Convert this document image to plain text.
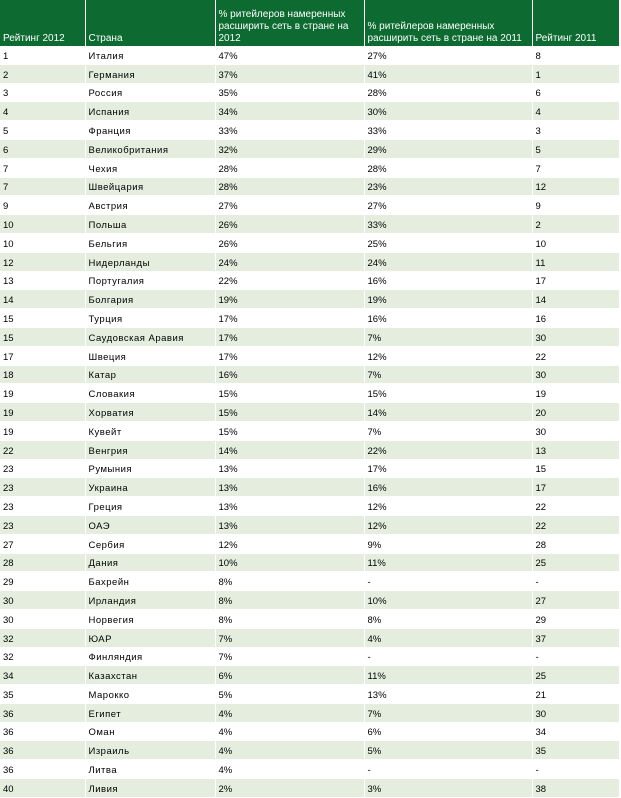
Рейтинг 2012	Страна	% ритейлеров намеренных расширить сеть в стране на 2012	% ритейлеров намеренных расширить сеть в стране на 2011	Рейтинг 2011
1	Италия	47%	27%	8
2	Германия	37%	41%	1
3	Россия	35%	28%	6
4	Испания	34%	30%	4
5	Франция	33%	33%	3
6	Великобритания	32%	29%	5
7	Чехия	28%	28%	7
7	Швейцария	28%	23%	12
9	Австрия	27%	27%	9
10	Польша	26%	33%	2
10	Бельгия	26%	25%	10
12	Нидерланды	24%	24%	11
13	Португалия	22%	16%	17
14	Болгария	19%	19%	14
15	Турция	17%	16%	16
15	Саудовская Аравия	17%	7%	30
17	Швеция	17%	12%	22
18	Катар	16%	7%	30
19	Словакия	15%	15%	19
19	Хорватия	15%	14%	20
19	Кувейт	15%	7%	30
22	Венгрия	14%	22%	13
23	Румыния	13%	17%	15
23	Украина	13%	16%	17
23	Греция	13%	12%	22
23	ОАЭ	13%	12%	22
27	Сербия	12%	9%	28
28	Дания	10%	11%	25
29	Бахрейн	8%	-	-
30	Ирландия	8%	10%	27
30	Норвегия	8%	8%	29
32	ЮАР	7%	4%	37
32	Финляндия	7%	-	-
34	Казахстан	6%	11%	25
35	Марокко	5%	13%	21
36	Египет	4%	7%	30
36	Оман	4%	6%	34
36	Израиль	4%	5%	35
36	Литва	4%	-	-
40	Ливия	2%	3%	38
